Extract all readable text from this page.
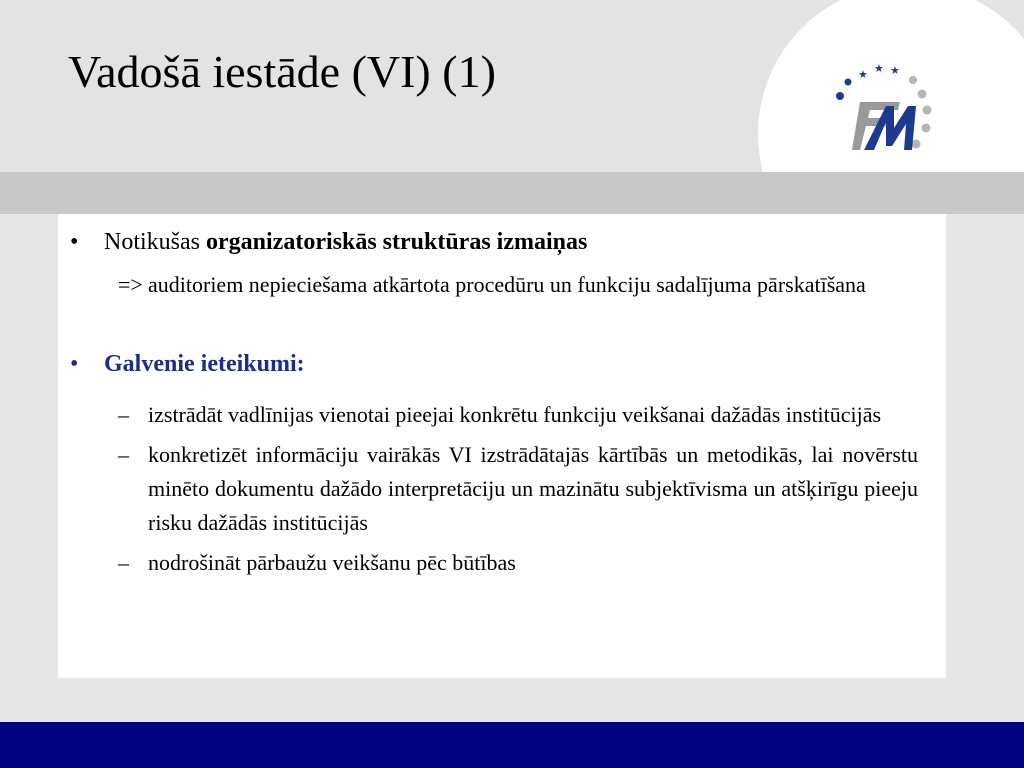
Vadošā iestāde (VI) (1)	★ ★ ★
• Notikušas organizatoriskās struktūras izmaiņas
=> auditoriem nepieciešama atkārtota procedūru un funkciju sadalījuma pārskatīšana
• Galvenie ieteikumi:
– izstrādāt vadlīnijas vienotai pieejai konkrētu funkciju veikšanai dažādās institūcijās
– konkretizēt informāciju vairākās VI izstrādātajās kārtībās un metodikās, lai novērstu minēto dokumentu dažādo interpretāciju un mazinātu subjektīvisma un atšķirīgu pieeju risku dažādās institūcijās
– nodrošināt pārbaužu veikšanu pēc būtības
